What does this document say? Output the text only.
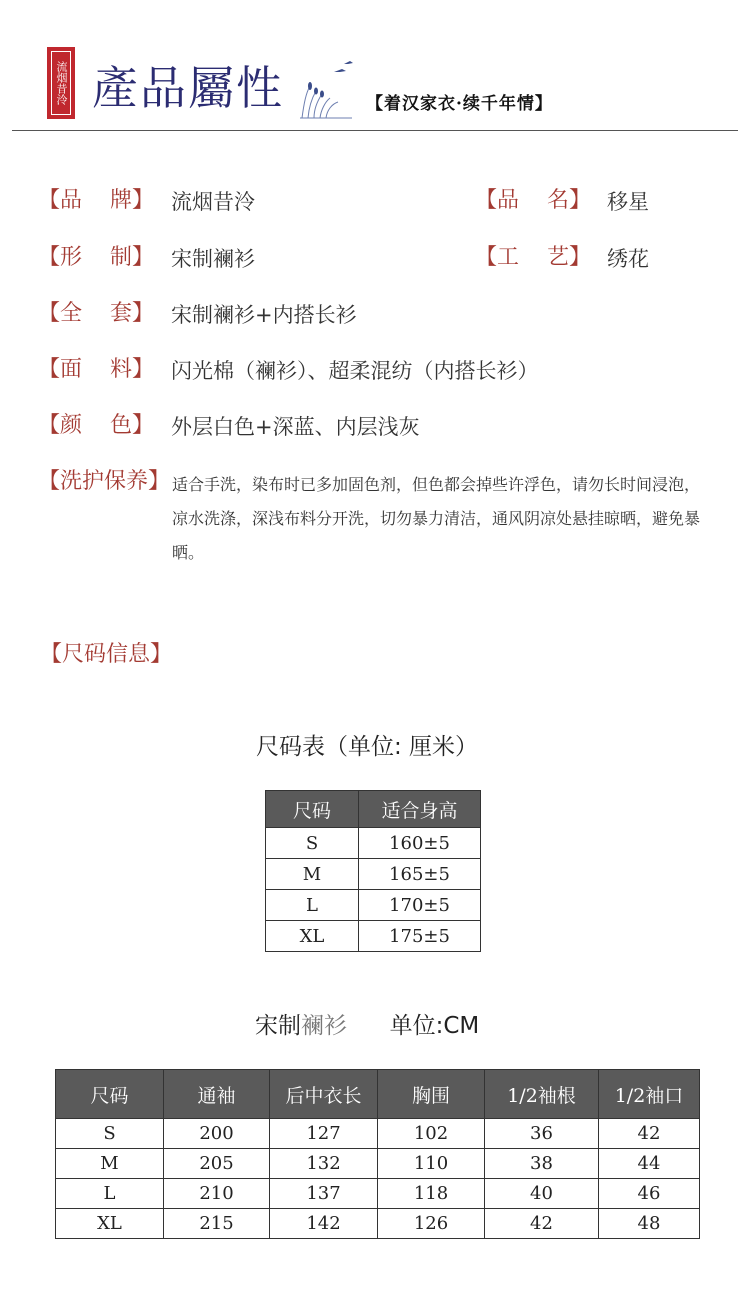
流烟昔泠 產品屬性	【着汉家衣·续千年情】
【品    牌】 流烟昔泠	【品    名】 移星
【形    制】 宋制襕衫	【工    艺】 绣花
【全    套】 宋制襕衫+内搭长衫
【面    料】 闪光棉（襕衫）、超柔混纺（内搭长衫）
【颜    色】 外层白色+深蓝、内层浅灰
【洗护保养】 适合手洗，染布时已多加固色剂，但色都会掉些许浮色，请勿长时间浸泡，凉水洗涤，深浅布料分开洗，切勿暴力清洁，通风阴凉处悬挂晾晒，避免暴晒。
【尺码信息】
尺码表（单位: 厘米）
尺码	适合身高
S	160±5
M	165±5
L	170±5
XL	175±5
宋制襕衫 单位:CM
尺码	通袖	后中衣长	胸围	1/2袖根	1/2袖口
S	200	127	102	36	42
M	205	132	110	38	44
L	210	137	118	40	46
XL	215	142	126	42	48
